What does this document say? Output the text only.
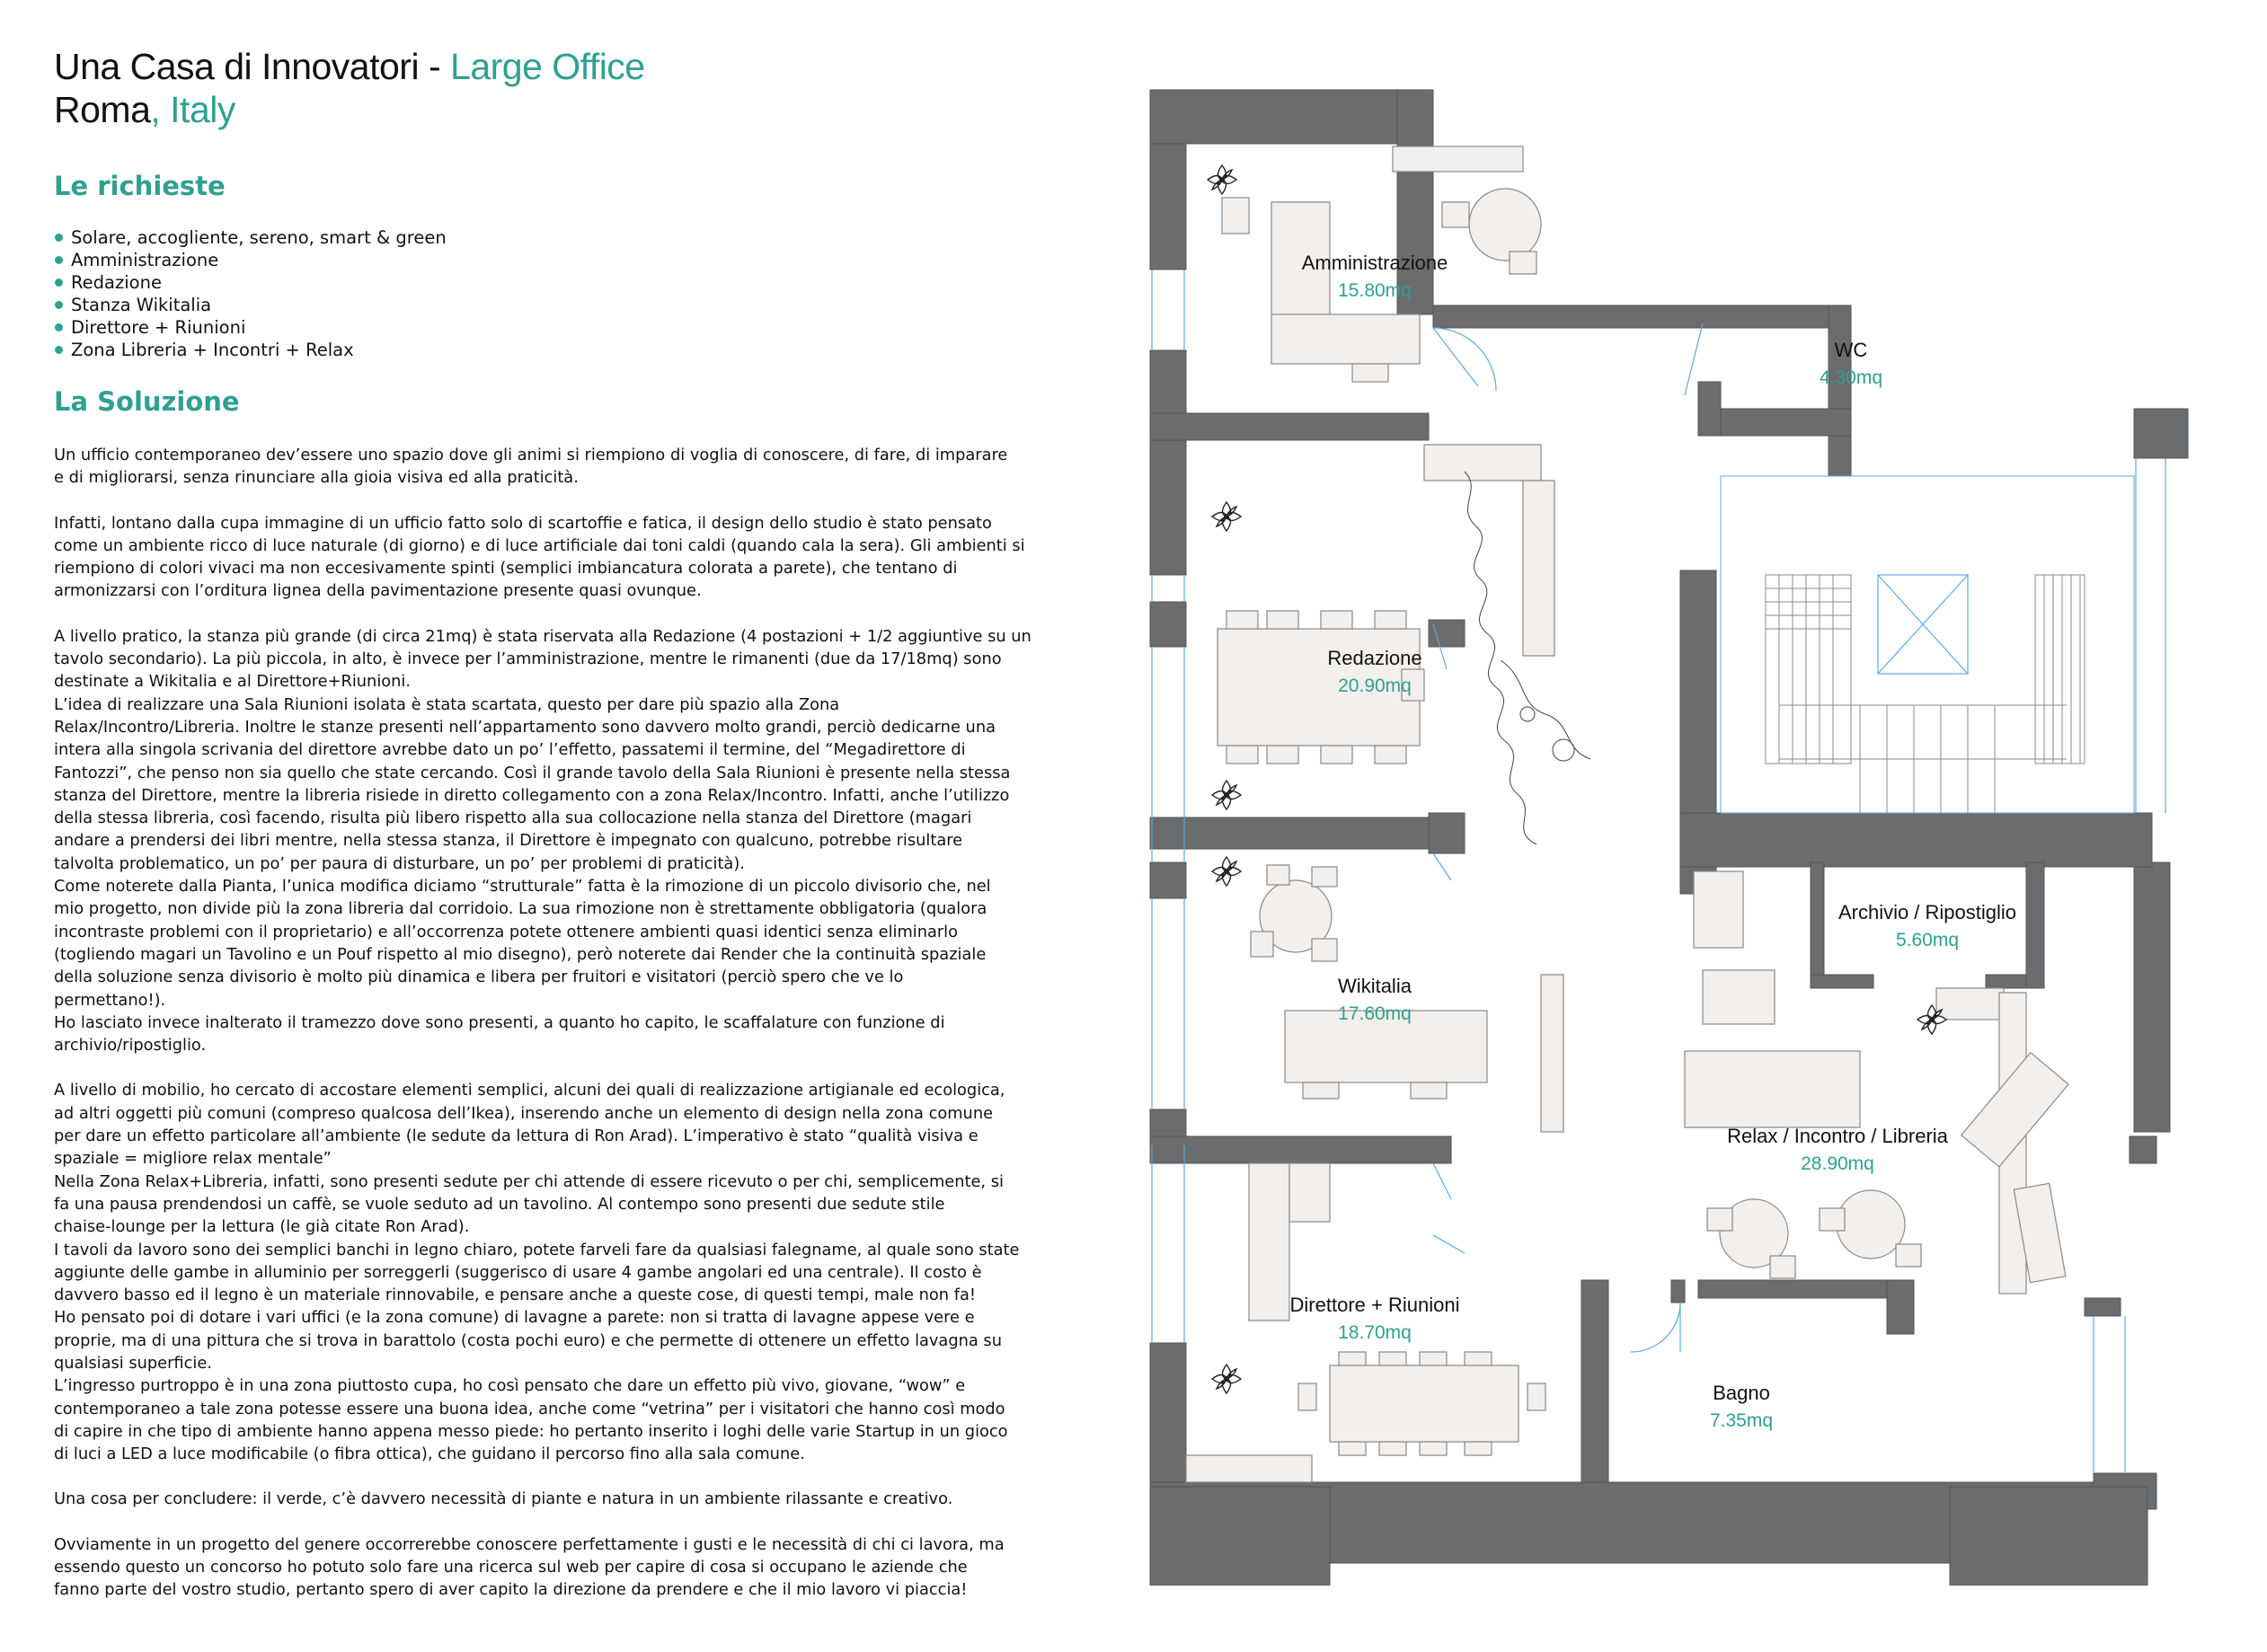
Una Casa di Innovatori - Large Office
Roma, Italy
Le richieste
Solare, accogliente, sereno, smart & green
Amministrazione
Redazione
Stanza Wikitalia
Direttore + Riunioni
Zona Libreria + Incontri + Relax
La Soluzione

Un ufficio contemporaneo dev’essere uno spazio dove gli animi si riempiono di voglia di conoscere, di fare, di imparare
e di migliorarsi, senza rinunciare alla gioia visiva ed alla praticità.

Infatti, lontano dalla cupa immagine di un ufficio fatto solo di scartoffie e fatica, il design dello studio è stato pensato
come un ambiente ricco di luce naturale (di giorno) e di luce artificiale dai toni caldi (quando cala la sera). Gli ambienti si
riempiono di colori vivaci ma non eccesivamente spinti (semplici imbiancatura colorata a parete), che tentano di
armonizzarsi con l’orditura lignea della pavimentazione presente quasi ovunque.

A livello pratico, la stanza più grande (di circa 21mq) è stata riservata alla Redazione (4 postazioni + 1/2 aggiuntive su un
tavolo secondario). La più piccola, in alto, è invece per l’amministrazione, mentre le rimanenti (due da 17/18mq) sono
destinate a Wikitalia e al Direttore+Riunioni.
L’idea di realizzare una Sala Riunioni isolata è stata scartata, questo per dare più spazio alla Zona
Relax/Incontro/Libreria. Inoltre le stanze presenti nell’appartamento sono davvero molto grandi, perciò dedicarne una
intera alla singola scrivania del direttore avrebbe dato un po’ l’effetto, passatemi il termine, del “Megadirettore di
Fantozzi”, che penso non sia quello che state cercando. Così il grande tavolo della Sala Riunioni è presente nella stessa
stanza del Direttore, mentre la libreria risiede in diretto collegamento con a zona Relax/Incontro. Infatti, anche l’utilizzo
della stessa libreria, così facendo, risulta più libero rispetto alla sua collocazione nella stanza del Direttore (magari
andare a prendersi dei libri mentre, nella stessa stanza, il Direttore è impegnato con qualcuno, potrebbe risultare
talvolta problematico, un po’ per paura di disturbare, un po’ per problemi di praticità).
Come noterete dalla Pianta, l’unica modifica diciamo “strutturale” fatta è la rimozione di un piccolo divisorio che, nel
mio progetto, non divide più la zona libreria dal corridoio. La sua rimozione non è strettamente obbligatoria (qualora
incontraste problemi con il proprietario) e all’occorrenza potete ottenere ambienti quasi identici senza eliminarlo
(togliendo magari un Tavolino e un Pouf rispetto al mio disegno), però noterete dai Render che la continuità spaziale
della soluzione senza divisorio è molto più dinamica e libera per fruitori e visitatori (perciò spero che ve lo
permettano!).
Ho lasciato invece inalterato il tramezzo dove sono presenti, a quanto ho capito, le scaffalature con funzione di
archivio/ripostiglio.

A livello di mobilio, ho cercato di accostare elementi semplici, alcuni dei quali di realizzazione artigianale ed ecologica,
ad altri oggetti più comuni (compreso qualcosa dell’Ikea), inserendo anche un elemento di design nella zona comune
per dare un effetto particolare all’ambiente (le sedute da lettura di Ron Arad). L’imperativo è stato “qualità visiva e
spaziale = migliore relax mentale”
Nella Zona Relax+Libreria, infatti, sono presenti sedute per chi attende di essere ricevuto o per chi, semplicemente, si
fa una pausa prendendosi un caffè, se vuole seduto ad un tavolino. Al contempo sono presenti due sedute stile
chaise-lounge per la lettura (le già citate Ron Arad).
I tavoli da lavoro sono dei semplici banchi in legno chiaro, potete farveli fare da qualsiasi falegname, al quale sono state
aggiunte delle gambe in alluminio per sorreggerli (suggerisco di usare 4 gambe angolari ed una centrale). Il costo è
davvero basso ed il legno è un materiale rinnovabile, e pensare anche a queste cose, di questi tempi, male non fa!
Ho pensato poi di dotare i vari uffici (e la zona comune) di lavagne a parete: non si tratta di lavagne appese vere e
proprie, ma di una pittura che si trova in barattolo (costa pochi euro) e che permette di ottenere un effetto lavagna su
qualsiasi superficie.
L’ingresso purtroppo è in una zona piuttosto cupa, ho così pensato che dare un effetto più vivo, giovane, “wow” e
contemporaneo a tale zona potesse essere una buona idea, anche come “vetrina” per i visitatori che hanno così modo
di capire in che tipo di ambiente hanno appena messo piede: ho pertanto inserito i loghi delle varie Startup in un gioco
di luci a LED a luce modificabile (o fibra ottica), che guidano il percorso fino alla sala comune.

Una cosa per concludere: il verde, c’è davvero necessità di piante e natura in un ambiente rilassante e creativo.

Ovviamente in un progetto del genere occorrerebbe conoscere perfettamente i gusti e le necessità di chi ci lavora, ma
essendo questo un concorso ho potuto solo fare una ricerca sul web per capire di cosa si occupano le aziende che
fanno parte del vostro studio, pertanto spero di aver capito la direzione da prendere e che il mio lavoro vi piaccia!

Amministrazione
15.80mq
WC
4.30mq
Redazione
20.90mq
Wikitalia
17.60mq
Archivio / Ripostiglio
5.60mq
Relax / Incontro / Libreria
28.90mq
Direttore + Riunioni
18.70mq
Bagno
7.35mq
